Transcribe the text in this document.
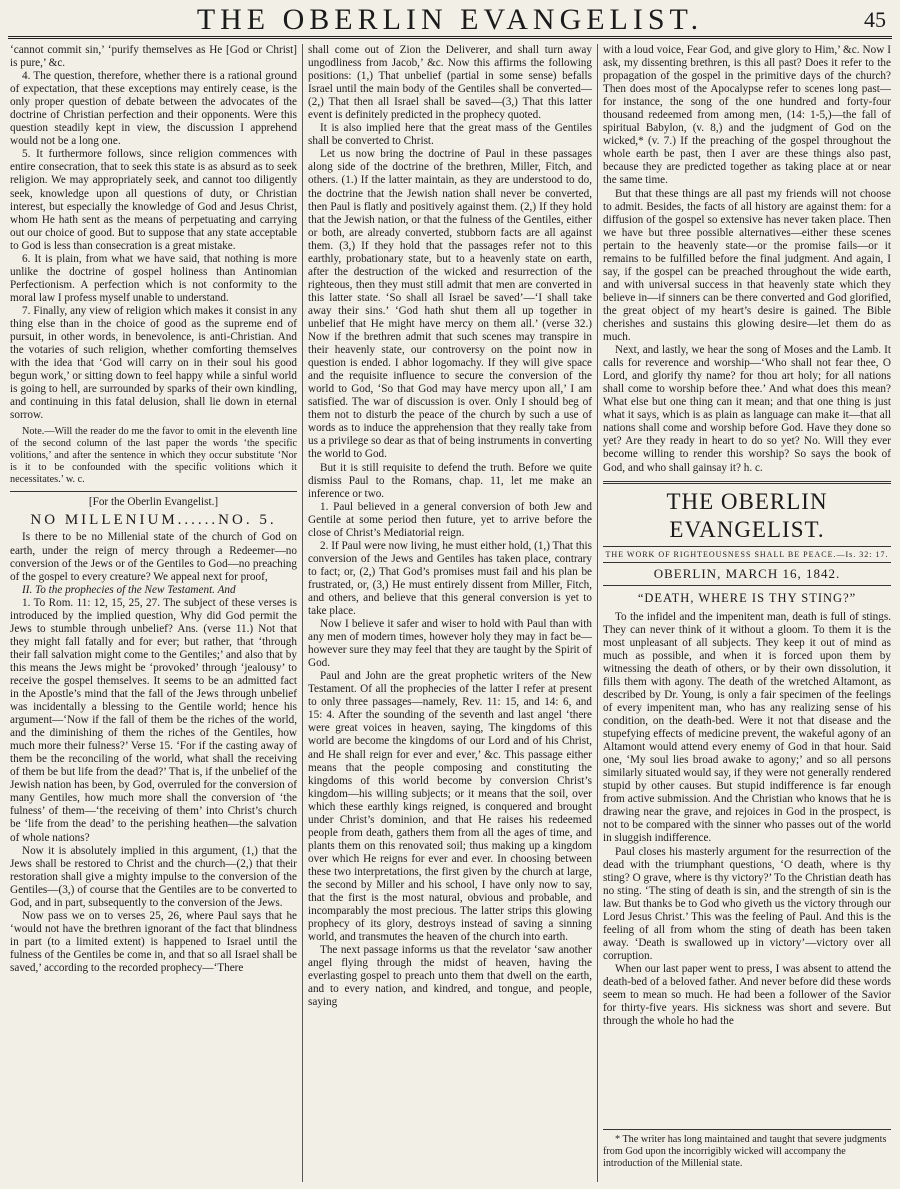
THE OBERLIN EVANGELIST.	45

‘cannot commit sin,’ ‘purify themselves as He [God or Christ] is pure,’ &c.

4. The question, therefore, whether there is a rational ground of expectation, that these exceptions may entirely cease, is the only proper question of debate between the advocates of the doctrine of Christian perfection and their opponents. Were this question steadily kept in view, the discussion I apprehend would not be a long one.

5. It furthermore follows, since religion commences with entire consecration, that to seek this state is as absurd as to seek religion. We may appropriately seek, and cannot too diligently seek, knowledge upon all questions of duty, or Christian interest, but especially the knowledge of God and Jesus Christ, whom He hath sent as the means of perpetuating and carrying out our choice of good. But to suppose that any state acceptable to God is less than consecration is a great mistake.

6. It is plain, from what we have said, that nothing is more unlike the doctrine of gospel holiness than Antinomian Perfectionism. A perfection which is not conformity to the moral law I profess myself unable to understand.

7. Finally, any view of religion which makes it consist in any thing else than in the choice of good as the supreme end of pursuit, in other words, in benevolence, is anti-Christian. And the votaries of such religion, whether comforting themselves with the idea that ‘God will carry on in their soul his good begun work,’ or sitting down to feel happy while a sinful world is going to hell, are surrounded by sparks of their own kindling, and continuing in this fatal delusion, shall lie down in eternal sorrow.

Note.—Will the reader do me the favor to omit in the eleventh line of the second column of the last paper the words ‘the specific volitions,’ and after the sentence in which they occur substitute ‘Nor is it to be confounded with the specific volitions which it necessitates.’ w. c.

[For the Oberlin Evangelist.]

NO MILLENIUM......NO. 5.

Is there to be no Millenial state of the church of God on earth, under the reign of mercy through a Redeemer—no conversion of the Jews or of the Gentiles to God—no preaching of the gospel to every creature? We appeal next for proof,

II. To the prophecies of the New Testament. And

1. To Rom. 11: 12, 15, 25, 27. The subject of these verses is introduced by the implied question, Why did God permit the Jews to stumble through unbelief? Ans. (verse 11.) Not that they might fall fatally and for ever; but rather, that ‘through their fall salvation might come to the Gentiles;’ and also that by this means the Jews might be ‘provoked’ through ‘jealousy’ to receive the gospel themselves. It seems to be an admitted fact in the Apostle’s mind that the fall of the Jews through unbelief was incidentally a blessing to the Gentile world; hence his argument—‘Now if the fall of them be the riches of the world, and the diminishing of them the riches of the Gentiles, how much more their fulness?’ Verse 15. ‘For if the casting away of them be the reconciling of the world, what shall the receiving of them be but life from the dead?’ That is, if the unbelief of the Jewish nation has been, by God, overruled for the conversion of many Gentiles, how much more shall the conversion of ‘the fulness’ of them—‘the receiving of them’ into Christ’s church be ‘life from the dead’ to the perishing heathen—the salvation of whole nations?

Now it is absolutely implied in this argument, (1,) that the Jews shall be restored to Christ and the church—(2,) that their restoration shall give a mighty impulse to the conversion of the Gentiles—(3,) of course that the Gentiles are to be converted to God, and in part, subsequently to the conversion of the Jews.

Now pass we on to verses 25, 26, where Paul says that he ‘would not have the brethren ignorant of the fact that blindness in part (to a limited extent) is happened to Israel until the fulness of the Gentiles be come in, and that so all Israel shall be saved,’ according to the recorded prophecy—‘There

shall come out of Zion the Deliverer, and shall turn away ungodliness from Jacob,’ &c. Now this affirms the following positions: (1,) That unbelief (partial in some sense) befalls Israel until the main body of the Gentiles shall be converted—(2,) That then all Israel shall be saved—(3,) That this latter event is definitely predicted in the prophecy quoted.

It is also implied here that the great mass of the Gentiles shall be converted to Christ.

Let us now bring the doctrine of Paul in these passages along side of the doctrine of the brethren, Miller, Fitch, and others. (1.) If the latter maintain, as they are understood to do, the doctrine that the Jewish nation shall never be converted, then Paul is flatly and positively against them. (2,) If they hold that the Jewish nation, or that the fulness of the Gentiles, either or both, are already converted, stubborn facts are all against them. (3,) If they hold that the passages refer not to this earthly, probationary state, but to a heavenly state on earth, after the destruction of the wicked and resurrection of the righteous, then they must still admit that men are converted in this latter state. ‘So shall all Israel be saved’—‘I shall take away their sins.’ ‘God hath shut them all up together in unbelief that He might have mercy on them all.’ (verse 32.) Now if the brethren admit that such scenes may transpire in their heavenly state, our controversy on the point now in question is ended. I abhor logomachy. If they will give space and the requisite influence to secure the conversion of the world to God, ‘So that God may have mercy upon all,’ I am satisfied. The war of discussion is over. Only I should beg of them not to disturb the peace of the church by such a use of words as to induce the apprehension that they really take from us a privilege so dear as that of being instruments in converting the world to God.

But it is still requisite to defend the truth. Before we quite dismiss Paul to the Romans, chap. 11, let me make an inference or two.

1. Paul believed in a general conversion of both Jew and Gentile at some period then future, yet to arrive before the close of Christ’s Mediatorial reign.

2. If Paul were now living, he must either hold, (1,) That this conversion of the Jews and Gentiles has taken place, contrary to fact; or, (2,) That God’s promises must fail and his plan be frustrated, or, (3,) He must entirely dissent from Miller, Fitch, and others, and believe that this general conversion is yet to take place.

Now I believe it safer and wiser to hold with Paul than with any men of modern times, however holy they may in fact be—however sure they may feel that they are taught by the Spirit of God.

Paul and John are the great prophetic writers of the New Testament. Of all the prophecies of the latter I refer at present to only three passages—namely, Rev. 11: 15, and 14: 6, and 15: 4. After the sounding of the seventh and last angel ‘there were great voices in heaven, saying, The kingdoms of this world are become the kingdoms of our Lord and of his Christ, and He shall reign for ever and ever,’ &c. This passage either means that the people composing and constituting the kingdoms of this world become by conversion Christ’s kingdom—his willing subjects; or it means that the soil, over which these earthly kings reigned, is conquered and brought under Christ’s dominion, and that He raises his redeemed people from death, gathers them from all the ages of time, and plants them on this renovated soil; thus making up a kingdom over which He reigns for ever and ever. In choosing between these two interpretations, the first given by the church at large, the second by Miller and his school, I have only now to say, that the first is the most natural, obvious and probable, and incomparably the most precious. The latter strips this glowing prophecy of its glory, destroys instead of saving a sinning world, and transmutes the heaven of the church into earth.

The next passage informs us that the revelator ‘saw another angel flying through the midst of heaven, having the everlasting gospel to preach unto them that dwell on the earth, and to every nation, and kindred, and tongue, and people, saying

with a loud voice, Fear God, and give glory to Him,’ &c. Now I ask, my dissenting brethren, is this all past? Does it refer to the propagation of the gospel in the primitive days of the church? Then does most of the Apocalypse refer to scenes long past—for instance, the song of the one hundred and forty-four thousand redeemed from among men, (14: 1-5,)—the fall of spiritual Babylon, (v. 8,) and the judgment of God on the wicked,* (v. 7.) If the preaching of the gospel throughout the whole earth be past, then I aver are these things also past, because they are predicted together as taking place at or near the same time.

But that these things are all past my friends will not choose to admit. Besides, the facts of all history are against them: for a diffusion of the gospel so extensive has never taken place. Then we have but three possible alternatives—either these scenes pertain to the heavenly state—or the promise fails—or it remains to be fulfilled before the final judgment. And again, I say, if the gospel can be preached throughout the wide earth, and with universal success in that heavenly state which they believe in—if sinners can be there converted and God glorified, the great object of my heart’s desire is gained. The Bible cherishes and sustains this glowing desire—let them do as much.

Next, and lastly, we hear the song of Moses and the Lamb. It calls for reverence and worship—‘Who shall not fear thee, O Lord, and glorify thy name? for thou art holy; for all nations shall come to worship before thee.’ And what does this mean? What else but one thing can it mean; and that one thing is just what it says, which is as plain as language can make it—that all nations shall come and worship before God. Have they done so yet? Are they ready in heart to do so yet? No. Will they ever become willing to render this worship? So says the book of God, and who shall gainsay it? h. c.

THE OBERLIN EVANGELIST.
THE WORK OF RIGHTEOUSNESS SHALL BE PEACE.—Is. 32: 17.
OBERLIN, MARCH 16, 1842.
“DEATH, WHERE IS THY STING?”

To the infidel and the impenitent man, death is full of stings. They can never think of it without a gloom. To them it is the most unpleasant of all subjects. They keep it out of mind as much as possible, and when it is forced upon them by witnessing the death of others, or by their own dissolution, it fills them with agony. The death of the wretched Altamont, as described by Dr. Young, is only a fair specimen of the feelings of every impenitent man, who has any realizing sense of his condition, on the death-bed. Were it not that disease and the stupefying effects of medicine prevent, the wakeful agony of an Altamont would attend every enemy of God in that hour. Said one, ‘My soul lies broad awake to agony;’ and so all persons similarly situated would say, if they were not generally rendered stupid by other causes. But stupid indifference is far enough from active submission. And the Christian who knows that he is drawing near the grave, and rejoices in God in the prospect, is not to be compared with the sinner who passes out of the world in sluggish indifference.

Paul closes his masterly argument for the resurrection of the dead with the triumphant questions, ‘O death, where is thy sting? O grave, where is thy victory?’ To the Christian death has no sting. ‘The sting of death is sin, and the strength of sin is the law. But thanks be to God who giveth us the victory through our Lord Jesus Christ.’ This was the feeling of Paul. And this is the feeling of all from whom the sting of death has been taken away. ‘Death is swallowed up in victory’—victory over all corruption.

When our last paper went to press, I was absent to attend the death-bed of a beloved father. And never before did these words seem to mean so much. He had been a follower of the Savior for thirty-five years. His sickness was short and severe. But through the whole ho had the

* The writer has long maintained and taught that severe judgments from God upon the incorrigibly wicked will accompany the introduction of the Millenial state.
